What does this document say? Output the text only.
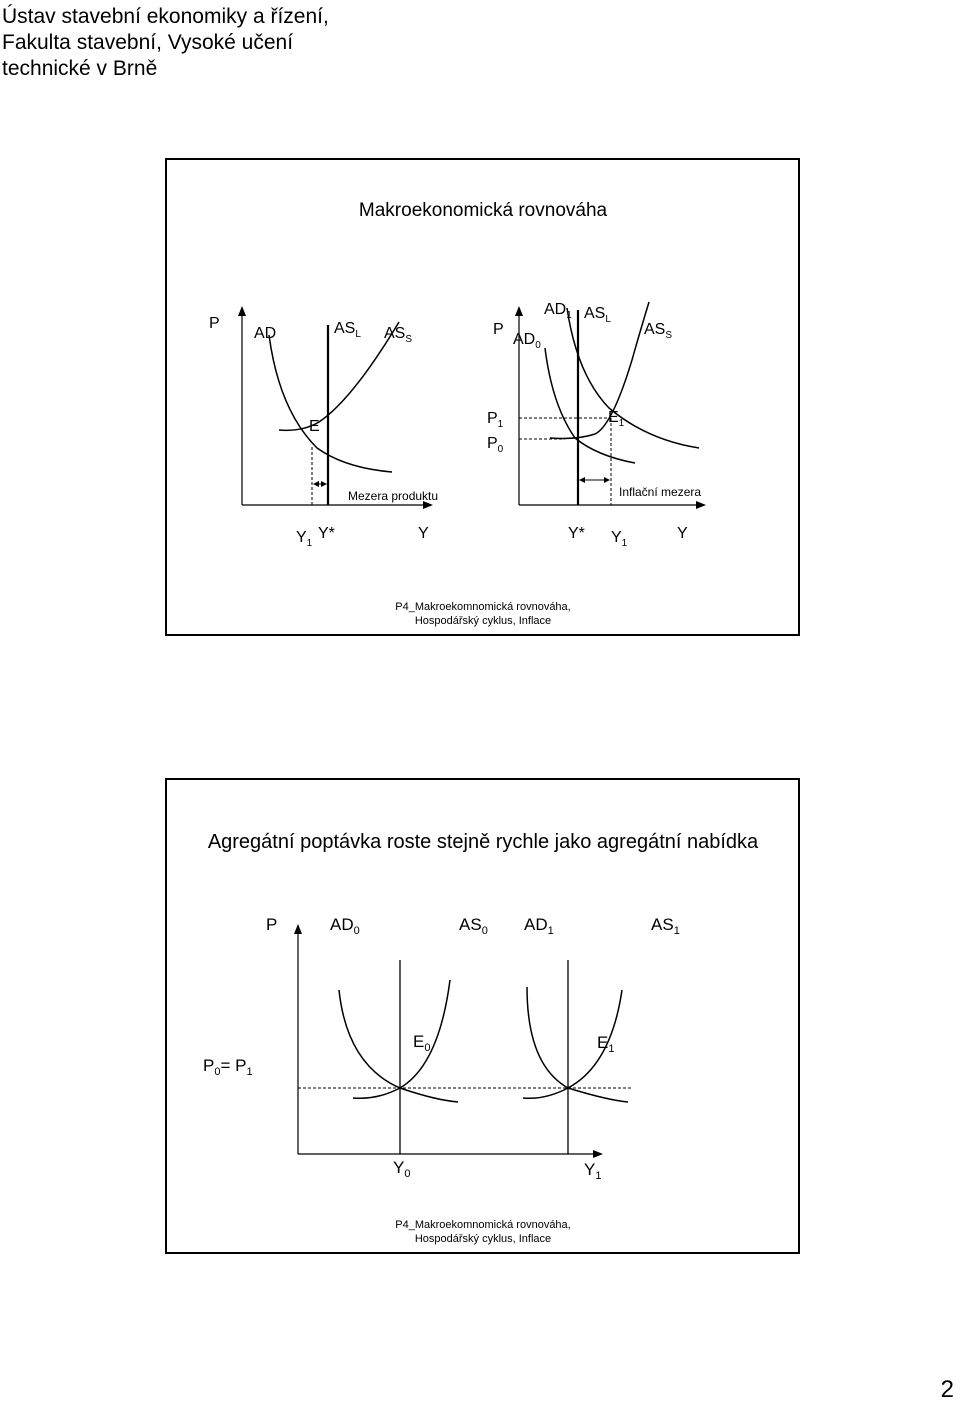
Ústav stavební ekonomiky a řízení,
Fakulta stavební, Vysoké učení
technické v Brně
Makroekonomická rovnováha
P
AD	$AS_L$ $AS_S$
E
Mezera produktu
$Y_1$
Y*	Y
P
$AD_1$ $AS_L$
$AD_0$
$AS_S$
$P_1$
$P_0$
$E_1$
Inflační mezera
Y* $Y_1$
Y
P4_Makroekomnomická rovnováha,
Hospodářský cyklus, Inflace
Agregátní poptávka roste stejně rychle jako agregátní nabídka
P	$AD_0$	$AS_0$ $AD_1$	$AS_1$
$P_0= P_1$
$E_0$	$E_1$
$Y_0$	$Y_1$
P4_Makroekomnomická rovnováha,
Hospodářský cyklus, Inflace
2
